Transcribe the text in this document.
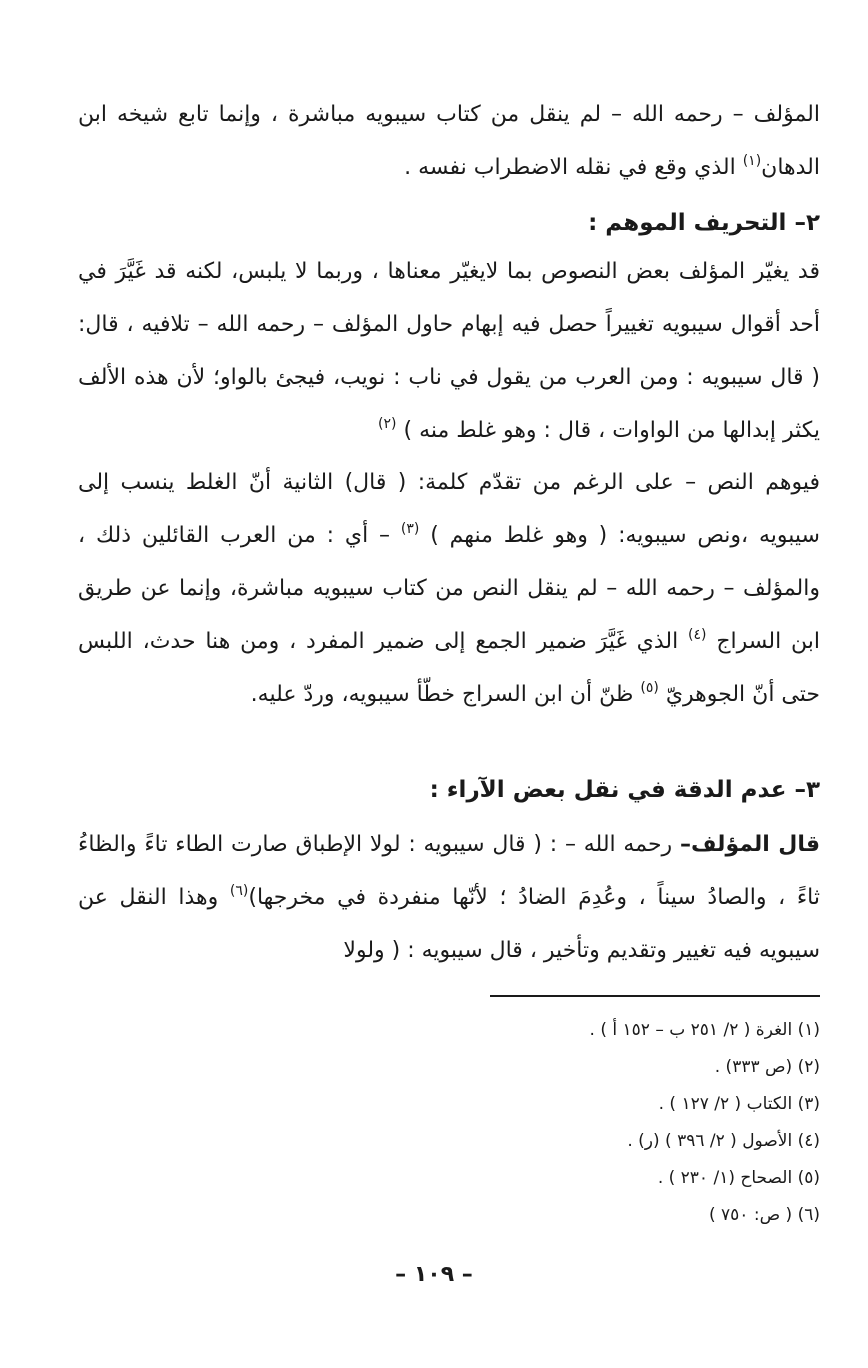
المؤلف – رحمه الله – لم ينقل من كتاب سيبويه مباشرة ، وإنما تابع شيخه ابن الدهان$^{(١)}$ الذي وقع في نقله الاضطراب نفسه .

٢– التحريف الموهم :

قد يغيّر المؤلف بعض النصوص بما لايغيّر معناها ، وربما لا يلبس، لكنه قد غَيَّرَ في أحد أقوال سيبويه تغييراً حصل فيه إبهام حاول المؤلف – رحمه الله – تلافيه ، قال: ( قال سيبويه : ومن العرب من يقول في ناب : نويب، فيجئ بالواو؛ لأن هذه الألف يكثر إبدالها من الواوات ، قال : وهو غلط منه ) $^{(٢)}$

فيوهم النص – على الرغم من تقدّم كلمة: ( قال) الثانية أنّ الغلط ينسب إلى سيبويه ،ونص سيبويه: ( وهو غلط منهم ) $^{(٣)}$ – أي : من العرب القائلين ذلك ، والمؤلف – رحمه الله – لم ينقل النص من كتاب سيبويه مباشرة، وإنما عن طريق ابن السراج $^{(٤)}$ الذي غَيَّرَ ضمير الجمع إلى ضمير المفرد ، ومن هنا حدث، اللبس حتى أنّ الجوهريّ $^{(٥)}$ ظنّ أن ابن السراج خطّأ سيبويه، وردّ عليه.

٣– عدم الدقة في نقل بعض الآراء :

قال المؤلف– رحمه الله – : ( قال سيبويه : لولا الإطباق صارت الطاء تاءً والظاءُ ثاءً ، والصادُ سيناً ، وعُدِمَ الضادُ ؛ لأنّها منفردة في مخرجها)$^{(٦)}$ وهذا النقل عن سيبويه فيه تغيير وتقديم وتأخير ، قال سيبويه : ( ولولا

(١) الغرة ( ٢/ ٢٥١ ب – ١٥٢ أ ) .
(٢) (ص ٣٣٣) .
(٣) الكتاب ( ٢/ ١٢٧ ) .
(٤) الأصول ( ٢/ ٣٩٦ ) (ر) .
(٥) الصحاح (١/ ٢٣٠ ) .
(٦) ( ص: ٧٥٠ )
– ١٠٩ –
